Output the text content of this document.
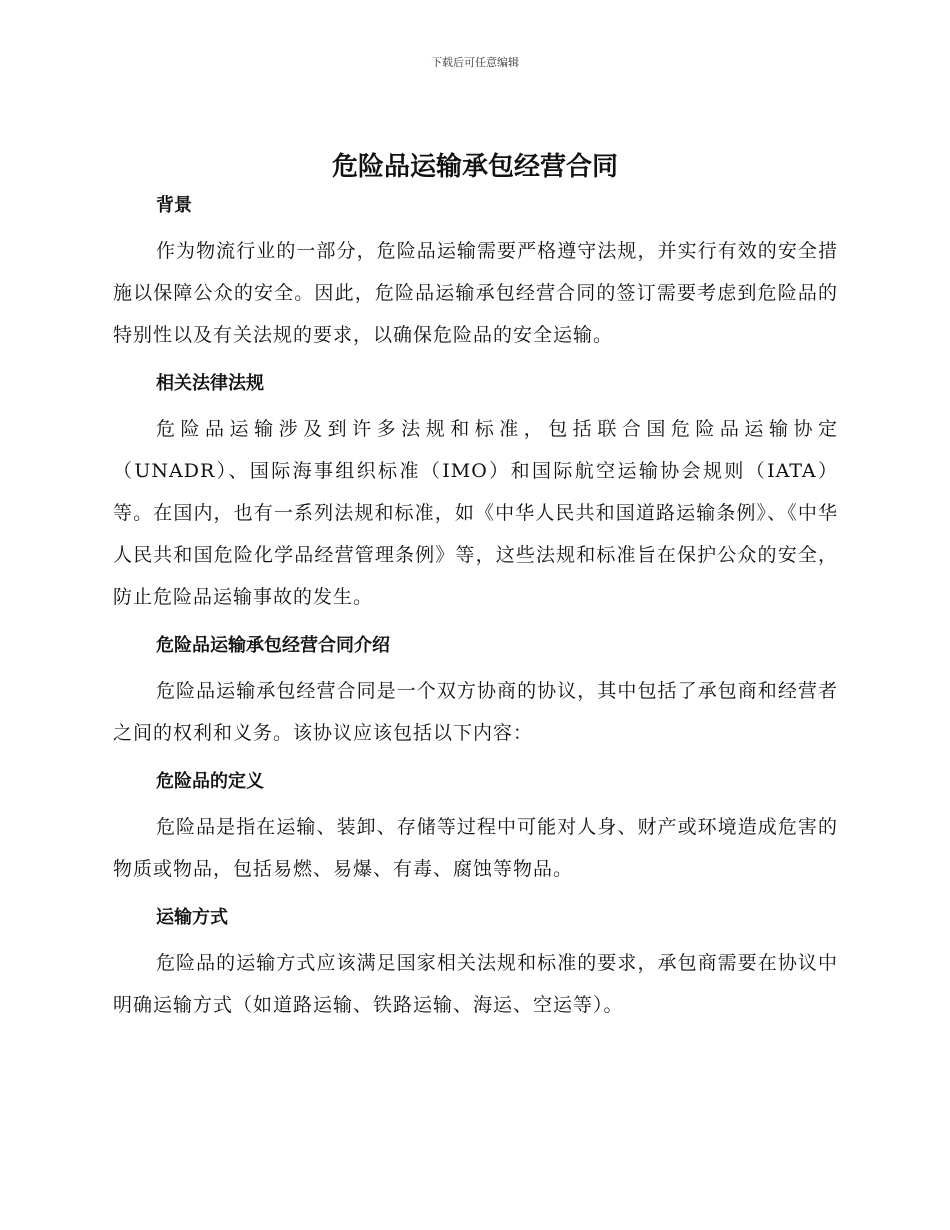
下载后可任意编辑
危险品运输承包经营合同
背景

作为物流行业的一部分，危险品运输需要严格遵守法规，并实行有效的安全措施以保障公众的安全。因此，危险品运输承包经营合同的签订需要考虑到危险品的特别性以及有关法规的要求，以确保危险品的安全运输。

相关法律法规

危险品运输涉及到许多法规和标准，包括联合国危险品运输协定（UNADR）、国际海事组织标准（IMO）和国际航空运输协会规则（IATA）等。在国内，也有一系列法规和标准，如《中华人民共和国道路运输条例》、《中华人民共和国危险化学品经营管理条例》等，这些法规和标准旨在保护公众的安全，防止危险品运输事故的发生。

危险品运输承包经营合同介绍

危险品运输承包经营合同是一个双方协商的协议，其中包括了承包商和经营者之间的权利和义务。该协议应该包括以下内容：

危险品的定义

危险品是指在运输、装卸、存储等过程中可能对人身、财产或环境造成危害的物质或物品，包括易燃、易爆、有毒、腐蚀等物品。

运输方式

危险品的运输方式应该满足国家相关法规和标准的要求，承包商需要在协议中明确运输方式（如道路运输、铁路运输、海运、空运等）。
